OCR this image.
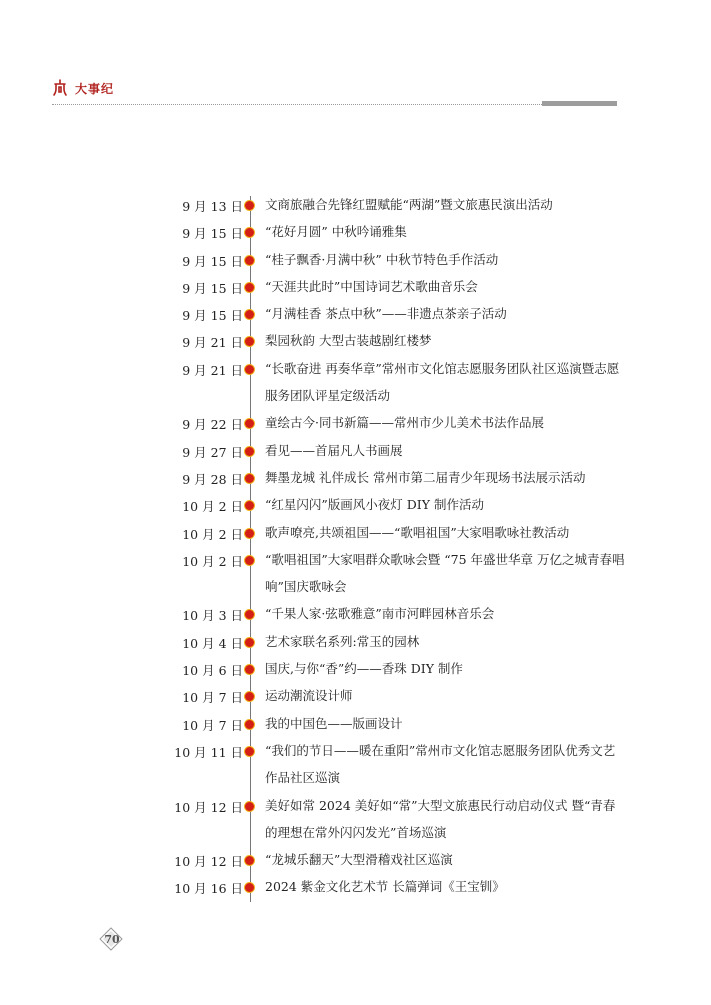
大事纪
9 月 13 日 文商旅融合先锋红盟赋能“两湖”暨文旅惠民演出活动
9 月 15 日 “花好月圆” 中秋吟诵雅集
9 月 15 日 “桂子飘香·月满中秋” 中秋节特色手作活动
9 月 15 日 “天涯共此时”中国诗词艺术歌曲音乐会
9 月 15 日 “月满桂香 茶点中秋”——非遗点茶亲子活动
9 月 21 日 梨园秋韵 大型古装越剧红楼梦
9 月 21 日 “长歌奋进 再奏华章”常州市文化馆志愿服务团队社区巡演暨志愿服务团队评星定级活动
9 月 22 日 童绘古今·同书新篇——常州市少儿美术书法作品展
9 月 27 日 看见——首届凡人书画展
9 月 28 日 舞墨龙城 礼伴成长 常州市第二届青少年现场书法展示活动
10 月 2 日 “红星闪闪”版画风小夜灯 DIY 制作活动
10 月 2 日 歌声嘹亮,共颂祖国——“歌唱祖国”大家唱歌咏社教活动
10 月 2 日 “歌唱祖国”大家唱群众歌咏会暨 “75 年盛世华章 万亿之城青春唱响”国庆歌咏会
10 月 3 日 “千果人家·弦歌雅意”南市河畔园林音乐会
10 月 4 日 艺术家联名系列:常玉的园林
10 月 6 日 国庆,与你“香”约——香珠 DIY 制作
10 月 7 日 运动潮流设计师
10 月 7 日 我的中国色——版画设计
10 月 11 日 “我们的节日——暖在重阳”常州市文化馆志愿服务团队优秀文艺作品社区巡演
10 月 12 日 美好如常 2024 美好如“常”大型文旅惠民行动启动仪式 暨“青春的理想在常外闪闪发光”首场巡演
10 月 12 日 “龙城乐翻天”大型滑稽戏社区巡演
10 月 16 日 2024 紫金文化艺术节 长篇弹词《王宝钏》
70
